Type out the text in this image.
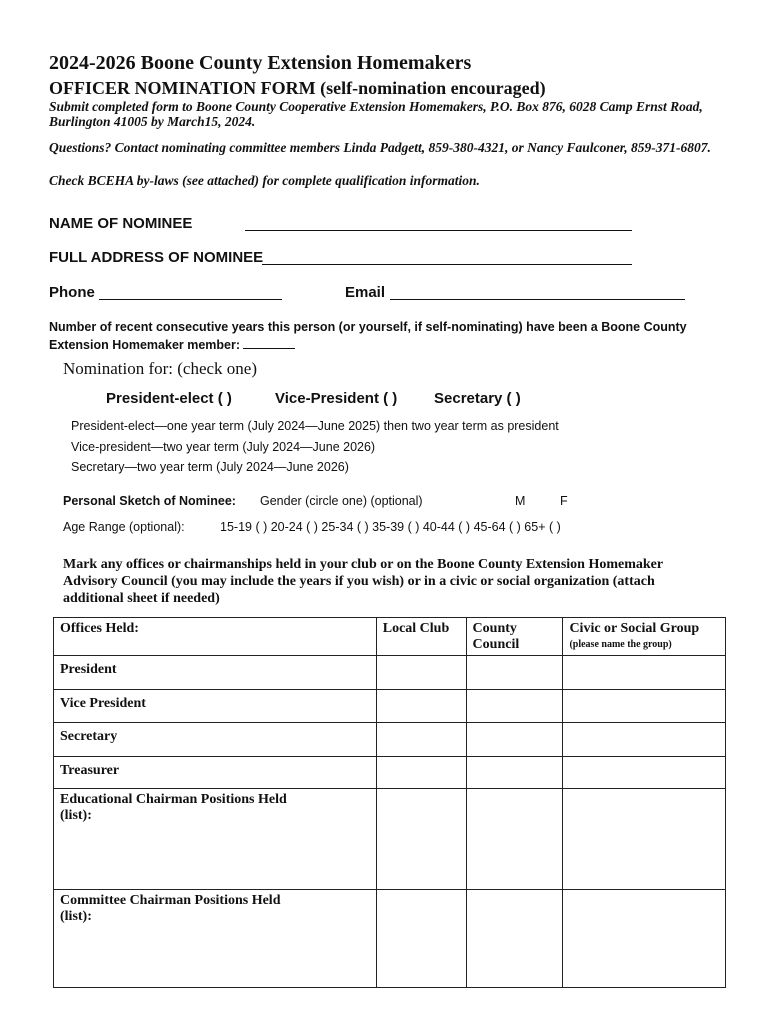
2024-2026 Boone County Extension Homemakers
OFFICER NOMINATION FORM (self-nomination encouraged)
Submit completed form to Boone County Cooperative Extension Homemakers, P.O. Box 876, 6028 Camp Ernst Road, Burlington 41005 by March15, 2024.
Questions? Contact nominating committee members Linda Padgett, 859-380-4321, or Nancy Faulconer, 859-371-6807.
Check BCEHA by-laws (see attached) for complete qualification information.
NAME OF NOMINEE
FULL ADDRESS OF NOMINEE
Phone	Email
Number of recent consecutive years this person (or yourself, if self-nominating) have been a Boone County Extension Homemaker member:
Nomination for: (check one)
President-elect ( )	Vice-President ( ) Secretary ( )
President-elect—one year term (July 2024—June 2025) then two year term as president
Vice-president—two year term (July 2024—June 2026)
Secretary—two year term (July 2024—June 2026)
Personal Sketch of Nominee: Gender (circle one) (optional)	M	F
Age Range (optional):	15-19 ( ) 20-24 ( ) 25-34 ( ) 35-39 ( ) 40-44 ( ) 45-64 ( ) 65+ ( )
Mark any offices or chairmanships held in your club or on the Boone County Extension Homemaker Advisory Council (you may include the years if you wish) or in a civic or social organization (attach additional sheet if needed)
Offices Held:	Local Club	County Council	Civic or Social Group
(please name the group)

President			

Vice President			

Secretary			

Treasurer			

Educational Chairman Positions Held (list):			

Committee Chairman Positions Held (list):			
